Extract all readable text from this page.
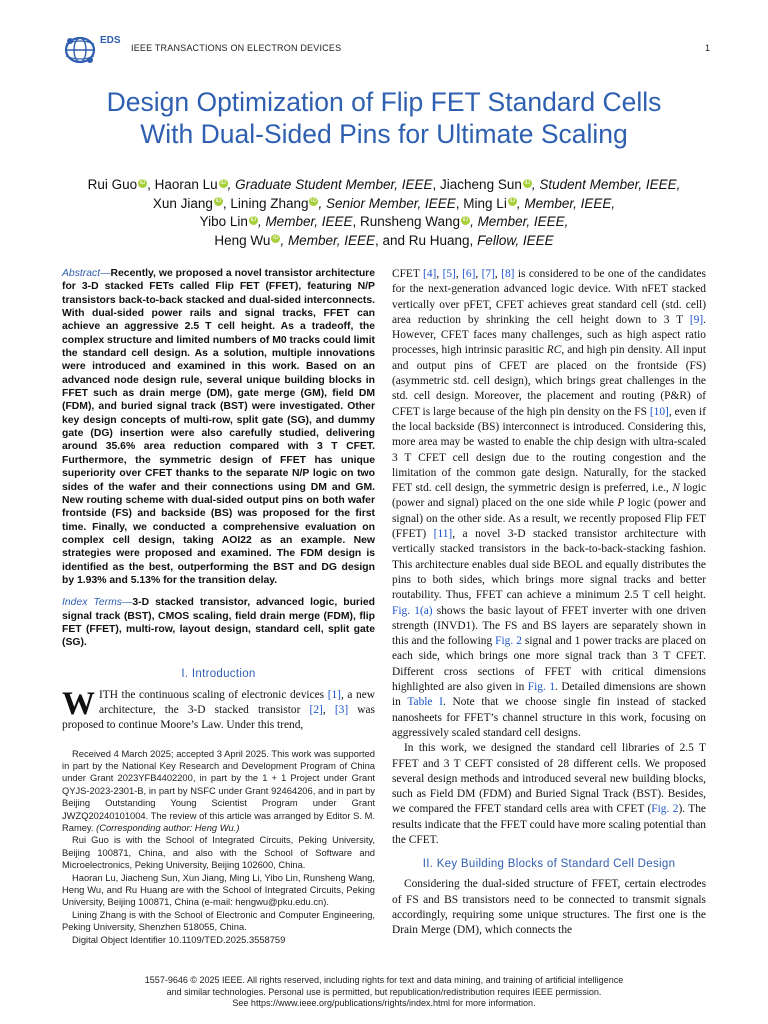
EDS
IEEE TRANSACTIONS ON ELECTRON DEVICES	1
Design Optimization of Flip FET Standard Cells
With Dual-Sided Pins for Ultimate Scaling
Rui Guo iD , Haoran Lu iD , Graduate Student Member, IEEE, Jiacheng Sun iD , Student Member, IEEE,
Xun Jiang iD , Lining Zhang iD , Senior Member, IEEE, Ming Li iD , Member, IEEE,
Yibo Lin iD , Member, IEEE, Runsheng Wang iD , Member, IEEE,
Heng Wu iD , Member, IEEE, and Ru Huang, Fellow, IEEE
Abstract—Recently, we proposed a novel transistor architecture for 3-D stacked FETs called Flip FET (FFET), featuring N/P transistors back-to-back stacked and dual-sided interconnects. With dual-sided power rails and signal tracks, FFET can achieve an aggressive 2.5 T cell height. As a tradeoff, the complex structure and limited numbers of M0 tracks could limit the standard cell design. As a solution, multiple innovations were introduced and examined in this work. Based on an advanced node design rule, several unique building blocks in FFET such as drain merge (DM), gate merge (GM), field DM (FDM), and buried signal track (BST) were investigated. Other key design concepts of multi-row, split gate (SG), and dummy gate (DG) insertion were also carefully studied, delivering around 35.6% area reduction compared with 3 T CFET. Furthermore, the symmetric design of FFET has unique superiority over CFET thanks to the separate N/P logic on two sides of the wafer and their connections using DM and GM. New routing scheme with dual-sided output pins on both wafer frontside (FS) and backside (BS) was proposed for the first time. Finally, we conducted a comprehensive evaluation on complex cell design, taking AOI22 as an example. New strategies were proposed and examined. The FDM design is identified as the best, outperforming the BST and DG design by 1.93% and 5.13% for the transition delay.
Index Terms—3-D stacked transistor, advanced logic, buried signal track (BST), CMOS scaling, field drain merge (FDM), flip FET (FFET), multi-row, layout design, standard cell, split gate (SG).
I. Introduction
WITH the continuous scaling of electronic devices [1], a new architecture, the 3-D stacked transistor [2], [3] was proposed to continue Moore’s Law. Under this trend,

Received 4 March 2025; accepted 3 April 2025. This work was supported in part by the National Key Research and Development Program of China under Grant 2023YFB4402200, in part by the 1 + 1 Project under Grant QYJS-2023-2301-B, in part by NSFC under Grant 92464206, and in part by Beijing Outstanding Young Scientist Program under Grant JWZQ20240101004. The review of this article was arranged by Editor S. M. Ramey. (Corresponding author: Heng Wu.)

Rui Guo is with the School of Integrated Circuits, Peking University, Beijing 100871, China, and also with the School of Software and Microelectronics, Peking University, Beijing 102600, China.

Haoran Lu, Jiacheng Sun, Xun Jiang, Ming Li, Yibo Lin, Runsheng Wang, Heng Wu, and Ru Huang are with the School of Integrated Circuits, Peking University, Beijing 100871, China (e-mail: hengwu@pku.edu.cn).

Lining Zhang is with the School of Electronic and Computer Engineering, Peking University, Shenzhen 518055, China.

Digital Object Identifier 10.1109/TED.2025.3558759

CFET [4], [5], [6], [7], [8] is considered to be one of the candidates for the next-generation advanced logic device. With nFET stacked vertically over pFET, CFET achieves great standard cell (std. cell) area reduction by shrinking the cell height down to 3 T [9]. However, CFET faces many challenges, such as high aspect ratio processes, high intrinsic parasitic RC, and high pin density. All input and output pins of CFET are placed on the frontside (FS) (asymmetric std. cell design), which brings great challenges in the std. cell design. Moreover, the placement and routing (P&R) of CFET is large because of the high pin density on the FS [10], even if the local backside (BS) interconnect is introduced. Considering this, more area may be wasted to enable the chip design with ultra-scaled 3 T CFET cell design due to the routing congestion and the limitation of the common gate design. Naturally, for the stacked FET std. cell design, the symmetric design is preferred, i.e., N logic (power and signal) placed on the one side while P logic (power and signal) on the other side. As a result, we recently proposed Flip FET (FFET) [11], a novel 3-D stacked transistor architecture with vertically stacked transistors in the back-to-back-stacking fashion. This architecture enables dual side BEOL and equally distributes the pins to both sides, which brings more signal tracks and better routability. Thus, FFET can achieve a minimum 2.5 T cell height. Fig. 1(a) shows the basic layout of FFET inverter with one driven strength (INVD1). The FS and BS layers are separately shown in this and the following Fig. 2 signal and 1 power tracks are placed on each side, which brings one more signal track than 3 T CFET. Different cross sections of FFET with critical dimensions highlighted are also given in Fig. 1. Detailed dimensions are shown in Table I. Note that we choose single fin instead of stacked nanosheets for FFET’s channel structure in this work, focusing on aggressively scaled standard cell designs.

In this work, we designed the standard cell libraries of 2.5 T FFET and 3 T CEFT consisted of 28 different cells. We proposed several design methods and introduced several new building blocks, such as Field DM (FDM) and Buried Signal Track (BST). Besides, we compared the FFET standard cells area with CFET (Fig. 2). The results indicate that the FFET could have more scaling potential than the CFET.

II. Key Building Blocks of Standard Cell Design

Considering the dual-sided structure of FFET, certain electrodes of FS and BS transistors need to be connected to transmit signals accordingly, requiring some unique structures. The first one is the Drain Merge (DM), which connects the

1557-9646 © 2025 IEEE. All rights reserved, including rights for text and data mining, and training of artificial intelligence
and similar technologies. Personal use is permitted, but republication/redistribution requires IEEE permission.
See https://www.ieee.org/publications/rights/index.html for more information.
